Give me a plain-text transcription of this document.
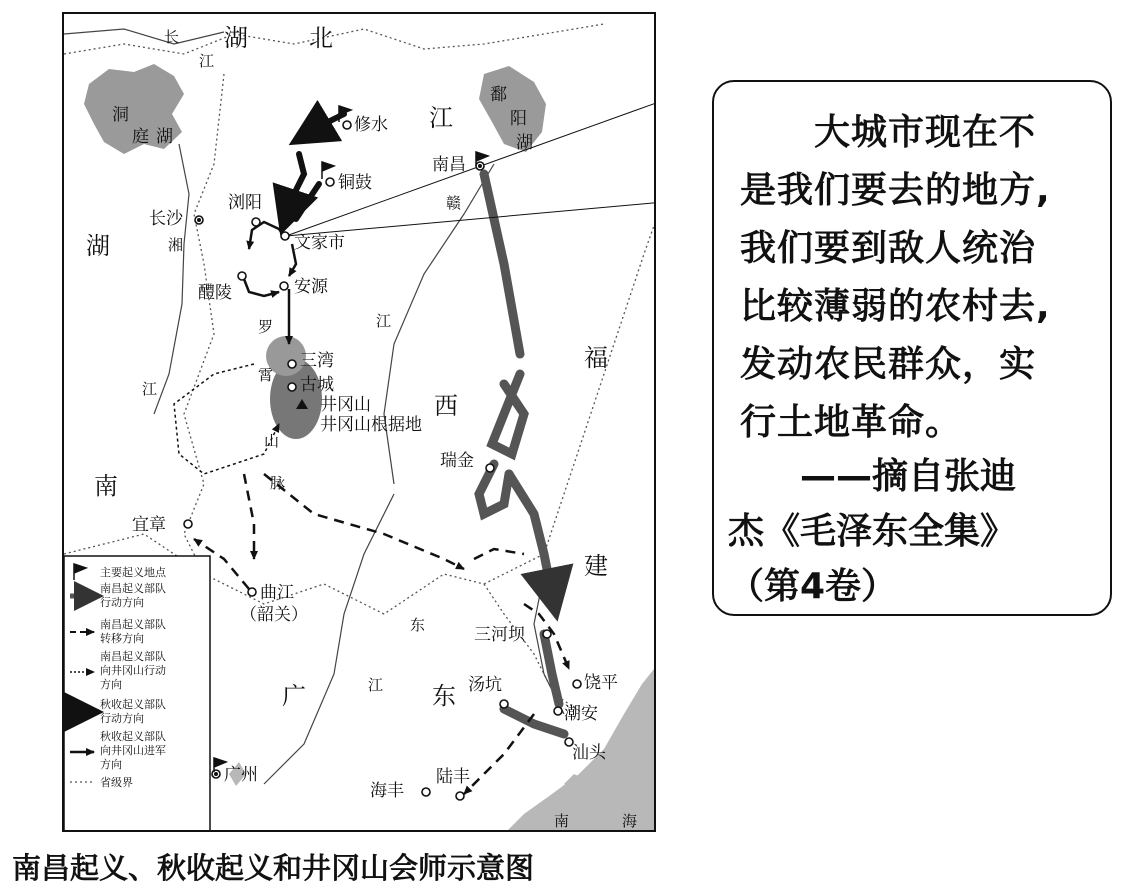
湖	北
湖
南
江
西
福
建
广	东
修水
铜鼓
浏阳
文家市
长沙
醴陵	安源
南昌
三湾
古城
井冈山
井冈山根据地
瑞金
宜章
曲江
（韶关）
三河坝
饶平
汤坑
潮安
汕头
海丰
陆丰
广州
长
江
湘
江
赣
江
东
江
罗
霄
山
脉
洞
庭 湖
鄱
阳
湖
南	海
主要起义地点
南昌起义部队
行动方向
南昌起义部队
转移方向
南昌起义部队
向井冈山行动
方向
秋收起义部队
行动方向
秋收起义部队
向井冈山进军
方向
省级界
　　大城市现在不
是我们要去的地方,
我们要到敌人统治
比较薄弱的农村去,
发动农民群众，实
行土地革命。
　　——摘自张迪
杰《毛泽东全集》
（第4卷）
南昌起义、秋收起义和井冈山会师示意图
